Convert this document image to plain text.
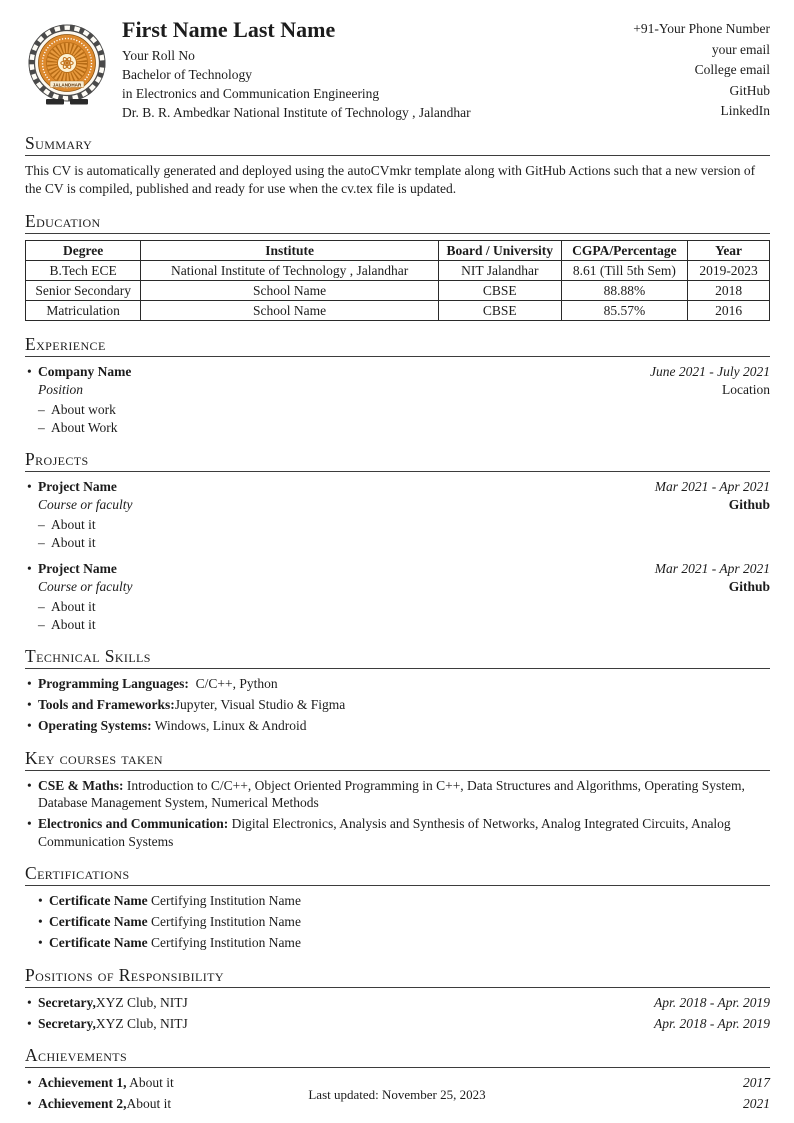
JALANDHAR
First Name Last Name
Your Roll No
Bachelor of Technology
in Electronics and Communication Engineering
Dr. B. R. Ambedkar National Institute of Technology , Jalandhar
+91-Your Phone Number
your email
College email
GitHub
LinkedIn
Summary

This CV is automatically generated and deployed using the autoCVmkr template along with GitHub Actions such that a new version of the CV is compiled, published and ready for use when the cv.tex file is updated.

Education
Degree	Institute	Board / University	CGPA/Percentage	Year
B.Tech ECE	National Institute of Technology , Jalandhar	NIT Jalandhar	8.61 (Till 5th Sem)	2019-2023
Senior Secondary	School Name	CBSE	88.88%	2018
Matriculation	School Name	CBSE	85.57%	2016
Experience
• Company Name	June 2021 - July 2021
Position	Location
– About work
– About Work
Projects
• Project Name	Mar 2021 - Apr 2021
Course or faculty	Github
– About it
– About it
• Project Name	Mar 2021 - Apr 2021
Course or faculty	Github
– About it
– About it
Technical Skills
• Programming Languages:  C/C++, Python
• Tools and Frameworks:Jupyter, Visual Studio & Figma
• Operating Systems: Windows, Linux & Android
Key courses taken
• CSE & Maths: Introduction to C/C++, Object Oriented Programming in C++, Data Structures and Algorithms, Operating System, Database Management System, Numerical Methods
• Electronics and Communication: Digital Electronics, Analysis and Synthesis of Networks, Analog Integrated Circuits, Analog Communication Systems
Certifications
• Certificate Name Certifying Institution Name
• Certificate Name Certifying Institution Name
• Certificate Name Certifying Institution Name
Positions of Responsibility
• Secretary,XYZ Club, NITJ	Apr. 2018 - Apr. 2019
• Secretary,XYZ Club, NITJ	Apr. 2018 - Apr. 2019
Achievements
• Achievement 1, About it	2017
• Achievement 2,About it	2021
Last updated: November 25, 2023
